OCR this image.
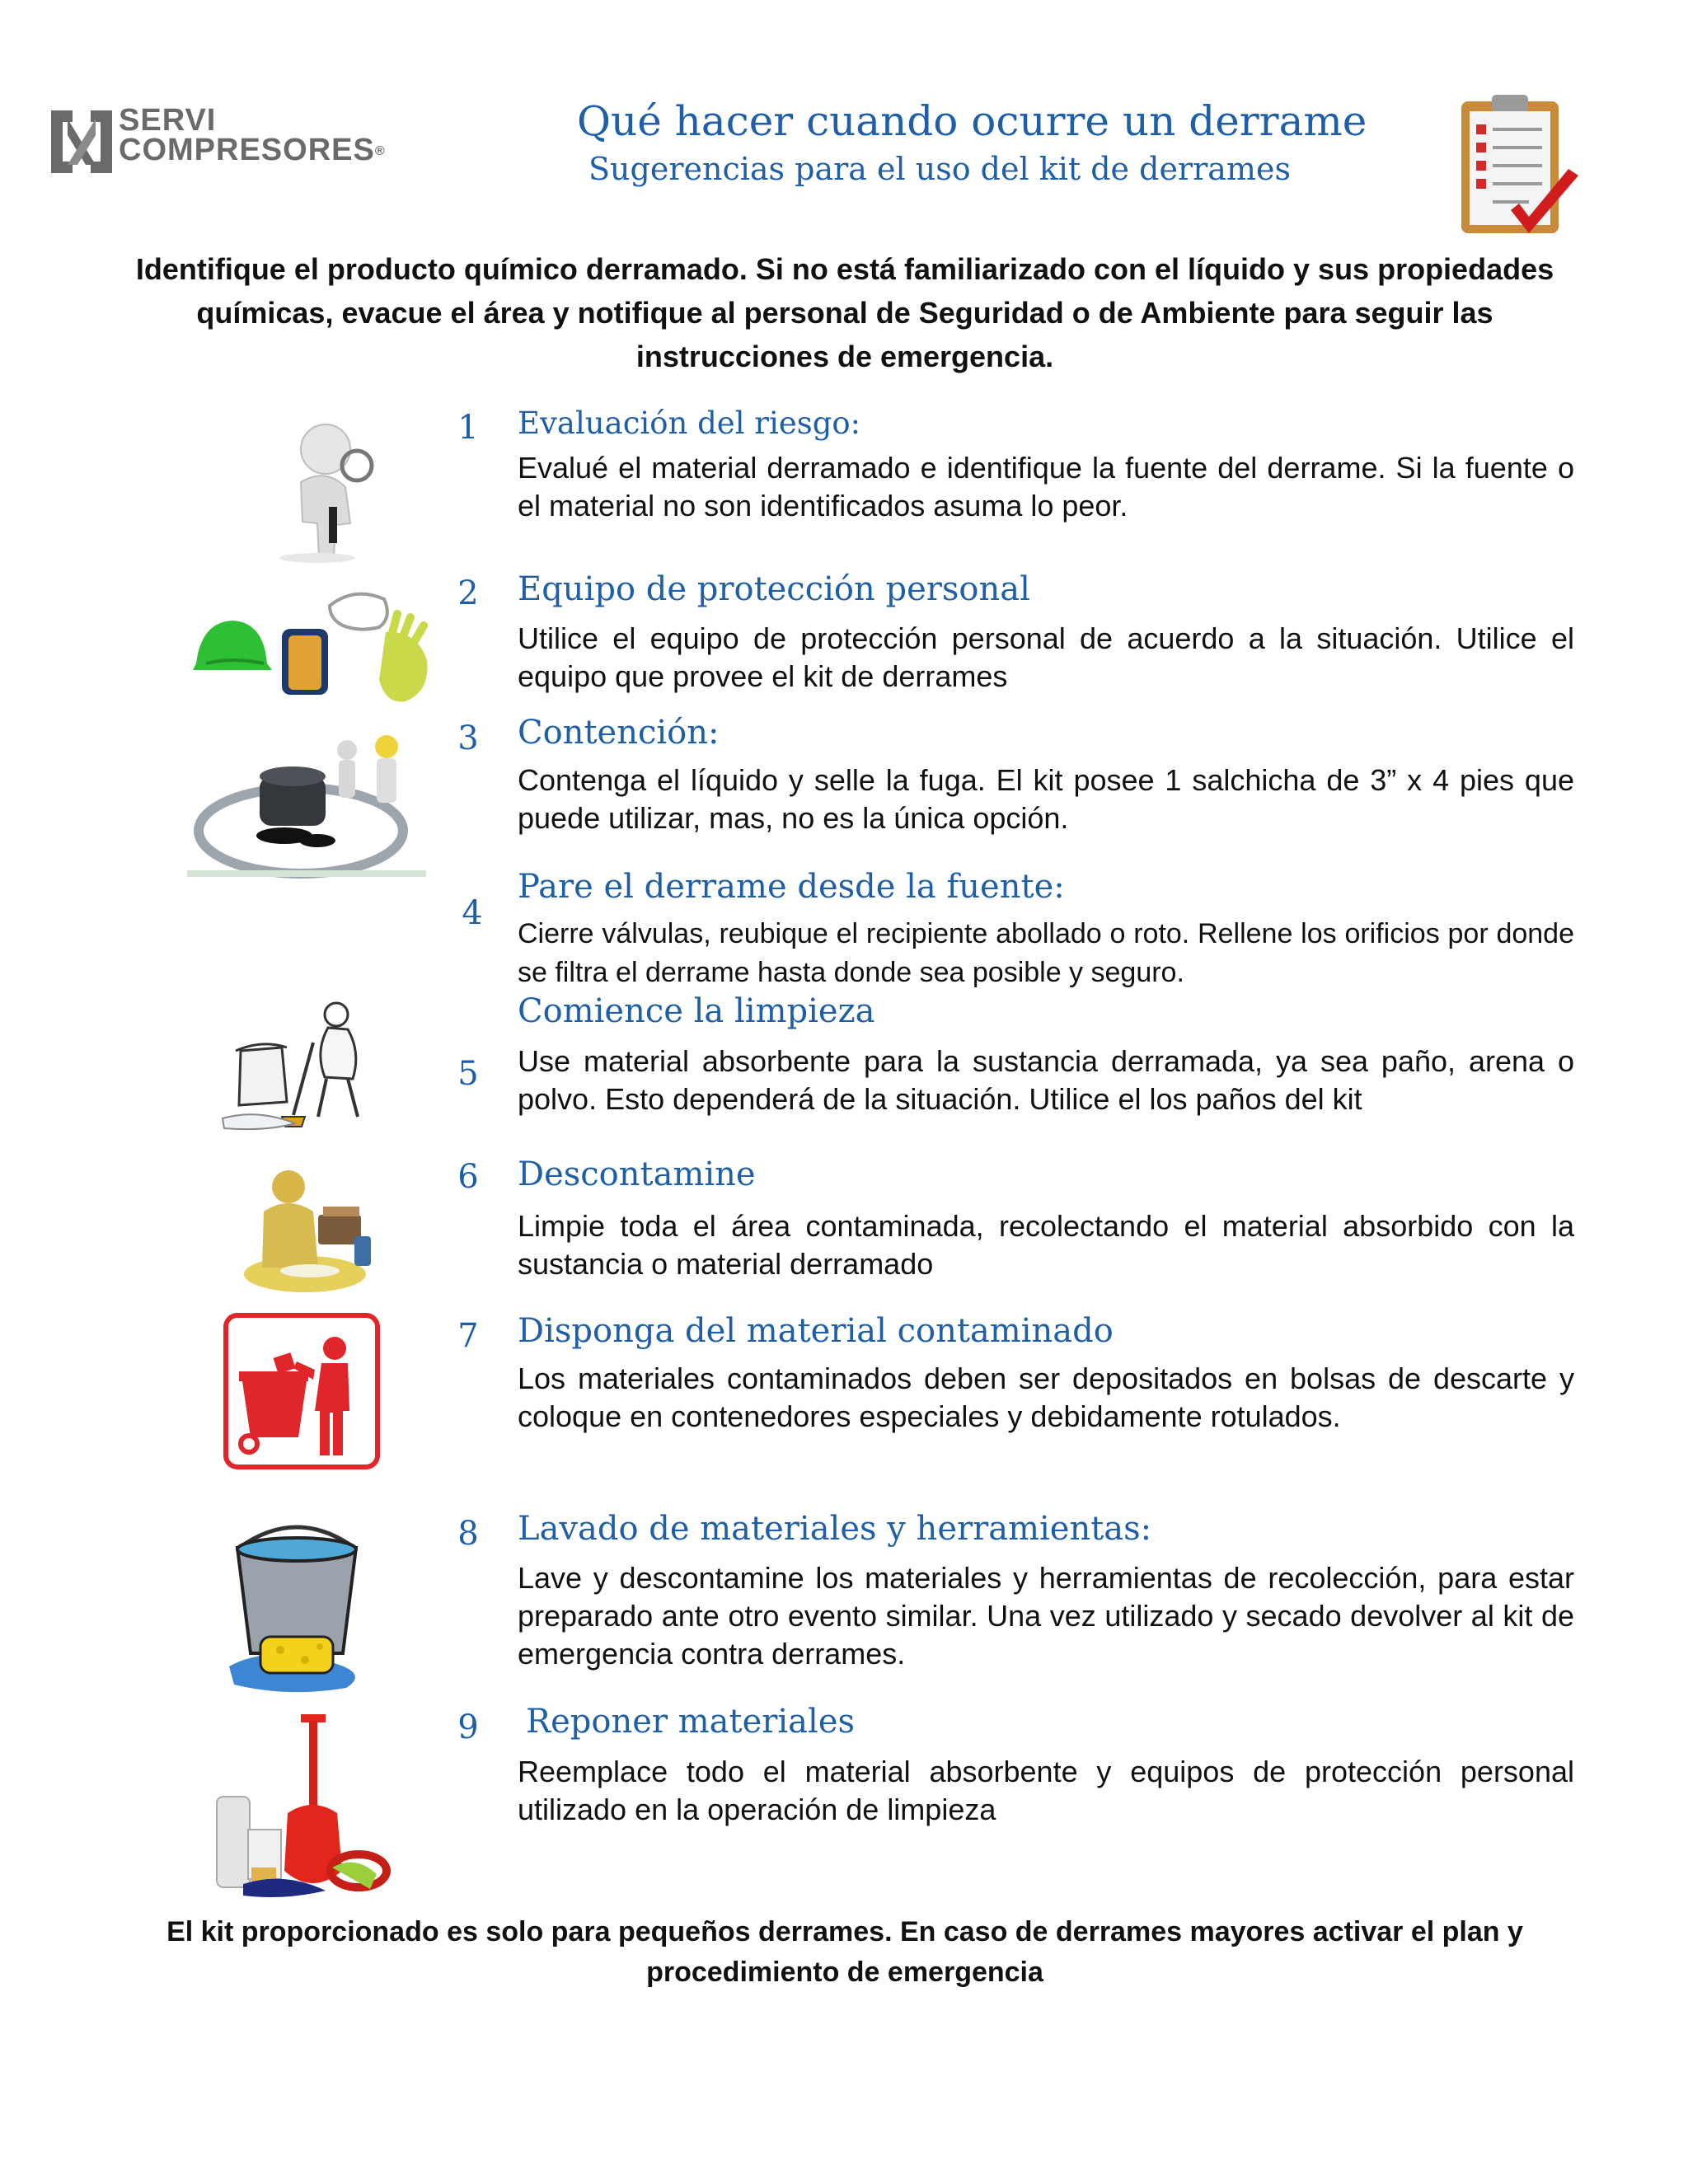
SERVI
COMPRESORES®
Qué hacer cuando ocurre un derrame
Sugerencias para el uso del kit de derrames
Identifique el producto químico derramado. Si no está familiarizado con el líquido y sus propiedades químicas, evacue el área y notifique al personal de Seguridad o de Ambiente para seguir las instrucciones de emergencia.
1 Evaluación del riesgo:
Evalué el material derramado e identifique la fuente del derrame. Si la fuente o el material no son identificados asuma lo peor.
2 Equipo de protección personal
Utilice el equipo de protección personal de acuerdo a la situación. Utilice el equipo que provee el kit de derrames
3 Contención:
Contenga el líquido y selle la fuga. El kit posee 1 salchicha de 3” x 4 pies que puede utilizar, mas, no es la única opción.
4
Pare el derrame desde la fuente:
Cierre válvulas, reubique el recipiente abollado o roto. Rellene los orificios por donde se filtra el derrame hasta donde sea posible y seguro.
5
Comience la limpieza
Use material absorbente para la sustancia derramada, ya sea paño, arena o polvo. Esto dependerá de la situación. Utilice el los paños del kit
6 Descontamine
Limpie toda el área contaminada, recolectando el material absorbido con la sustancia o material derramado
7 Disponga del material contaminado
Los materiales contaminados deben ser depositados en bolsas de descarte y coloque en contenedores especiales y debidamente rotulados.
8 Lavado de materiales y herramientas:
Lave y descontamine los materiales y herramientas de recolección, para estar preparado ante otro evento similar. Una vez utilizado y secado devolver al kit de emergencia contra derrames.
9 Reponer materiales
Reemplace todo el material absorbente y equipos de protección personal utilizado en la operación de limpieza
El kit proporcionado es solo para pequeños derrames. En caso de derrames mayores activar el plan y procedimiento de emergencia
